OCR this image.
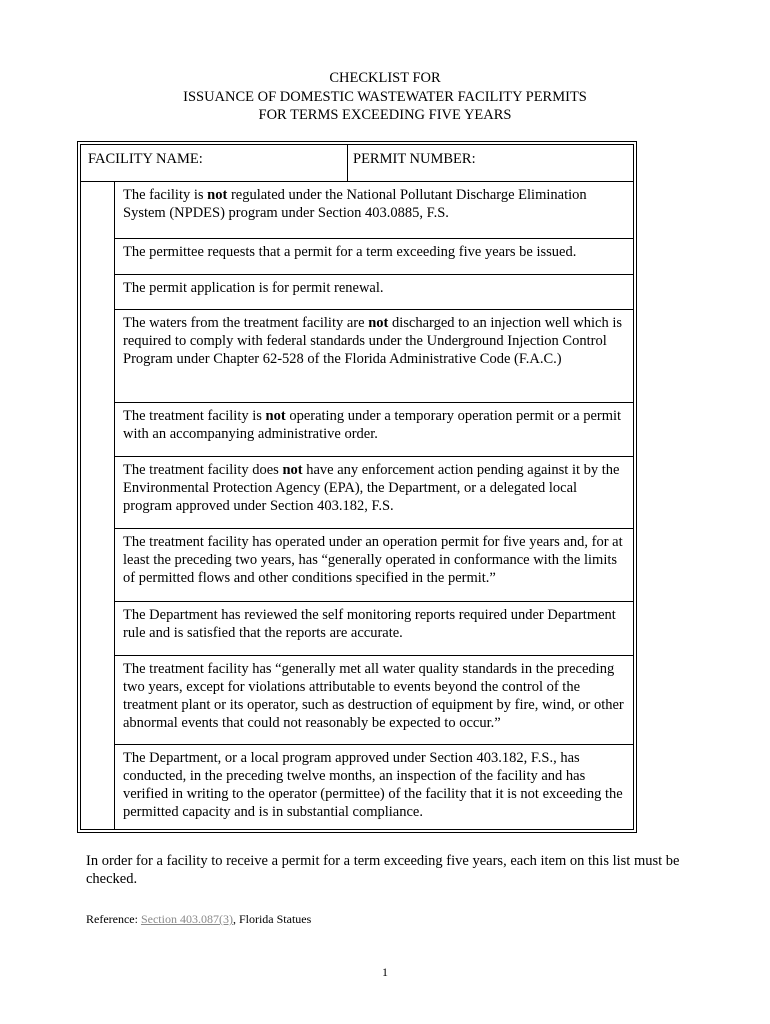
CHECKLIST FOR
ISSUANCE OF DOMESTIC WASTEWATER FACILITY PERMITS
FOR TERMS EXCEEDING FIVE YEARS
FACILITY NAME:	PERMIT NUMBER:
The facility is not regulated under the National Pollutant Discharge Elimination System (NPDES) program under Section 403.0885, F.S.
The permittee requests that a permit for a term exceeding five years be issued.
The permit application is for permit renewal.
The waters from the treatment facility are not discharged to an injection well which is required to comply with federal standards under the Underground Injection Control Program under Chapter 62-528 of the Florida Administrative Code (F.A.C.)
The treatment facility is not operating under a temporary operation permit or a permit with an accompanying administrative order.
The treatment facility does not have any enforcement action pending against it by the Environmental Protection Agency (EPA), the Department, or a delegated local program approved under Section 403.182, F.S.
The treatment facility has operated under an operation permit for five years and, for at least the preceding two years, has “generally operated in conformance with the limits of permitted flows and other conditions specified in the permit.”
The Department has reviewed the self monitoring reports required under Department rule and is satisfied that the reports are accurate.
The treatment facility has “generally met all water quality standards in the preceding two years, except for violations attributable to events beyond the control of the treatment plant or its operator, such as destruction of equipment by fire, wind, or other abnormal events that could not reasonably be expected to occur.”
The Department, or a local program approved under Section 403.182, F.S., has conducted, in the preceding twelve months, an inspection of the facility and has verified in writing to the operator (permittee) of the facility that it is not exceeding the permitted capacity and is in substantial compliance.
In order for a facility to receive a permit for a term exceeding five years, each item on this list must be checked.
Reference: Section 403.087(3), Florida Statues
1
